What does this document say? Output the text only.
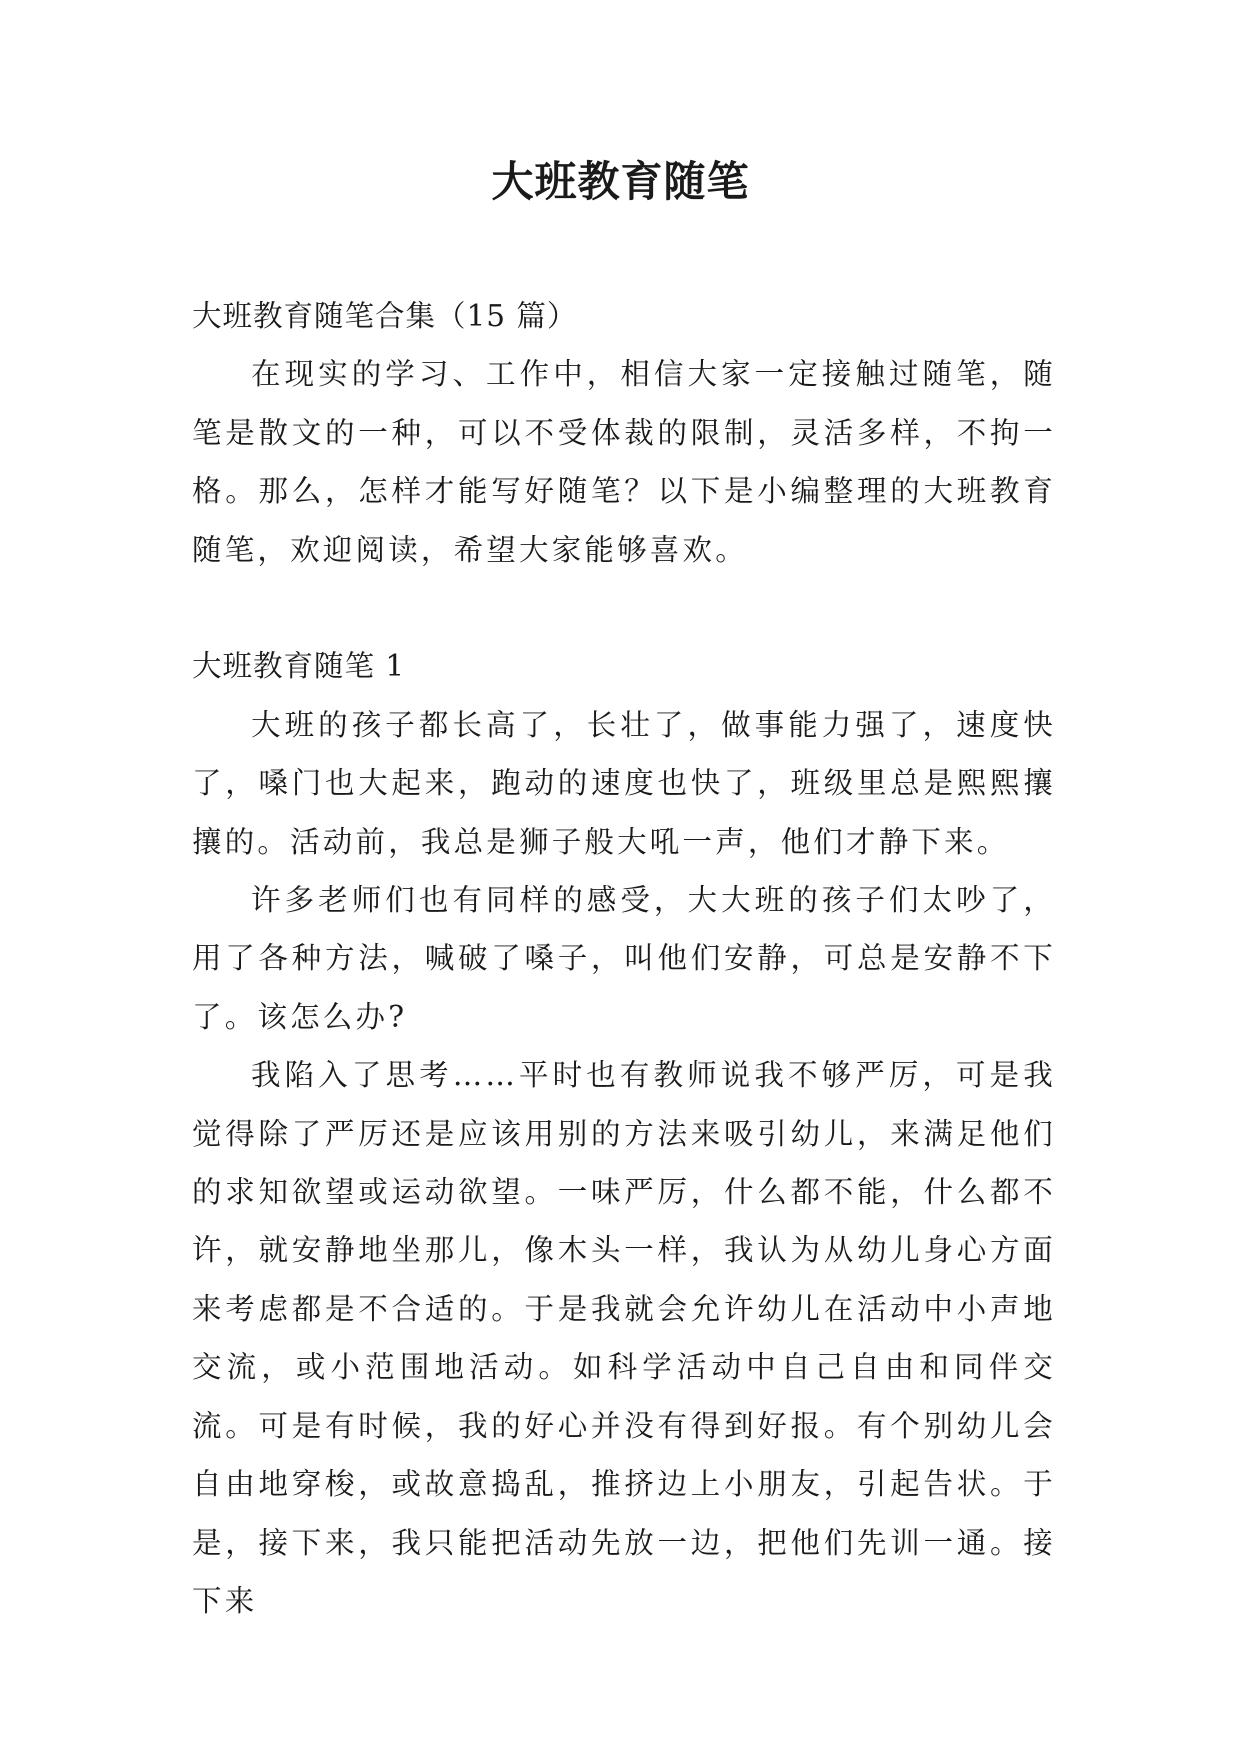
大班教育随笔

大班教育随笔合集（15 篇）

在现实的学习、工作中，相信大家一定接触过随笔，随笔是散文的一种，可以不受体裁的限制，灵活多样，不拘一格。那么，怎样才能写好随笔？以下是小编整理的大班教育随笔，欢迎阅读，希望大家能够喜欢。

大班教育随笔 1

大班的孩子都长高了，长壮了，做事能力强了，速度快了，嗓门也大起来，跑动的速度也快了，班级里总是熙熙攘攘的。活动前，我总是狮子般大吼一声，他们才静下来。

许多老师们也有同样的感受，大大班的孩子们太吵了，用了各种方法，喊破了嗓子，叫他们安静，可总是安静不下了。该怎么办?

我陷入了思考……平时也有教师说我不够严厉，可是我觉得除了严厉还是应该用别的方法来吸引幼儿，来满足他们的求知欲望或运动欲望。一味严厉，什么都不能，什么都不许，就安静地坐那儿，像木头一样，我认为从幼儿身心方面来考虑都是不合适的。于是我就会允许幼儿在活动中小声地交流，或小范围地活动。如科学活动中自己自由和同伴交流。可是有时候，我的好心并没有得到好报。有个别幼儿会自由地穿梭，或故意捣乱，推挤边上小朋友，引起告状。于是，接下来，我只能把活动先放一边，把他们先训一通。接下来
